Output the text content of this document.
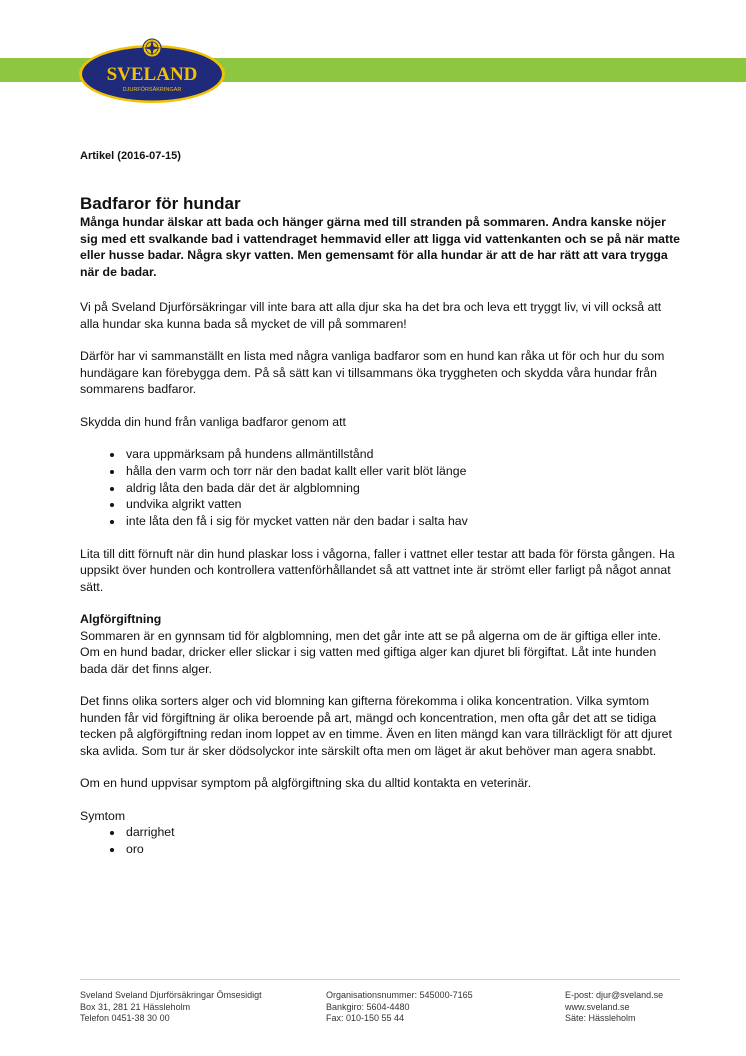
SVELAND
DJURFÖRSÄKRINGAR
Artikel (2016-07-15)
Badfaror för hundar
Många hundar älskar att bada och hänger gärna med till stranden på sommaren. Andra kanske nöjer sig med ett svalkande bad i vattendraget hemmavid eller att ligga vid vattenkanten och se på när matte eller husse badar. Några skyr vatten. Men gemensamt för alla hundar är att de har rätt att vara trygga när de badar.

Vi på Sveland Djurförsäkringar vill inte bara att alla djur ska ha det bra och leva ett tryggt liv, vi vill också att alla hundar ska kunna bada så mycket de vill på sommaren!

Därför har vi sammanställt en lista med några vanliga badfaror som en hund kan råka ut för och hur du som hundägare kan förebygga dem. På så sätt kan vi tillsammans öka tryggheten och skydda våra hundar från sommarens badfaror.

Skydda din hund från vanliga badfaror genom att

• vara uppmärksam på hundens allmäntillstånd
• hålla den varm och torr när den badat kallt eller varit blöt länge
• aldrig låta den bada där det är algblomning
• undvika algrikt vatten
• inte låta den få i sig för mycket vatten när den badar i salta hav

Lita till ditt förnuft när din hund plaskar loss i vågorna, faller i vattnet eller testar att bada för första gången. Ha uppsikt över hunden och kontrollera vattenförhållandet så att vattnet inte är strömt eller farligt på något annat sätt.

Algförgiftning

Sommaren är en gynnsam tid för algblomning, men det går inte att se på algerna om de är giftiga eller inte. Om en hund badar, dricker eller slickar i sig vatten med giftiga alger kan djuret bli förgiftat. Låt inte hunden bada där det finns alger.

Det finns olika sorters alger och vid blomning kan gifterna förekomma i olika koncentration. Vilka symtom hunden får vid förgiftning är olika beroende på art, mängd och koncentration, men ofta går det att se tidiga tecken på algförgiftning redan inom loppet av en timme. Även en liten mängd kan vara tillräckligt för att djuret ska avlida. Som tur är sker dödsolyckor inte särskilt ofta men om läget är akut behöver man agera snabbt.

Om en hund uppvisar symptom på algförgiftning ska du alltid kontakta en veterinär.

Symtom
• darrighet
• oro
Sveland Sveland Djurförsäkringar Ömsesidigt
Box 31, 281 21 Hässleholm
Telefon 0451-38 30 00
Organisationsnummer: 545000-7165
Bankgiro: 5604-4480
Fax: 010-150 55 44
E-post: djur@sveland.se
www.sveland.se
Säte: Hässleholm
